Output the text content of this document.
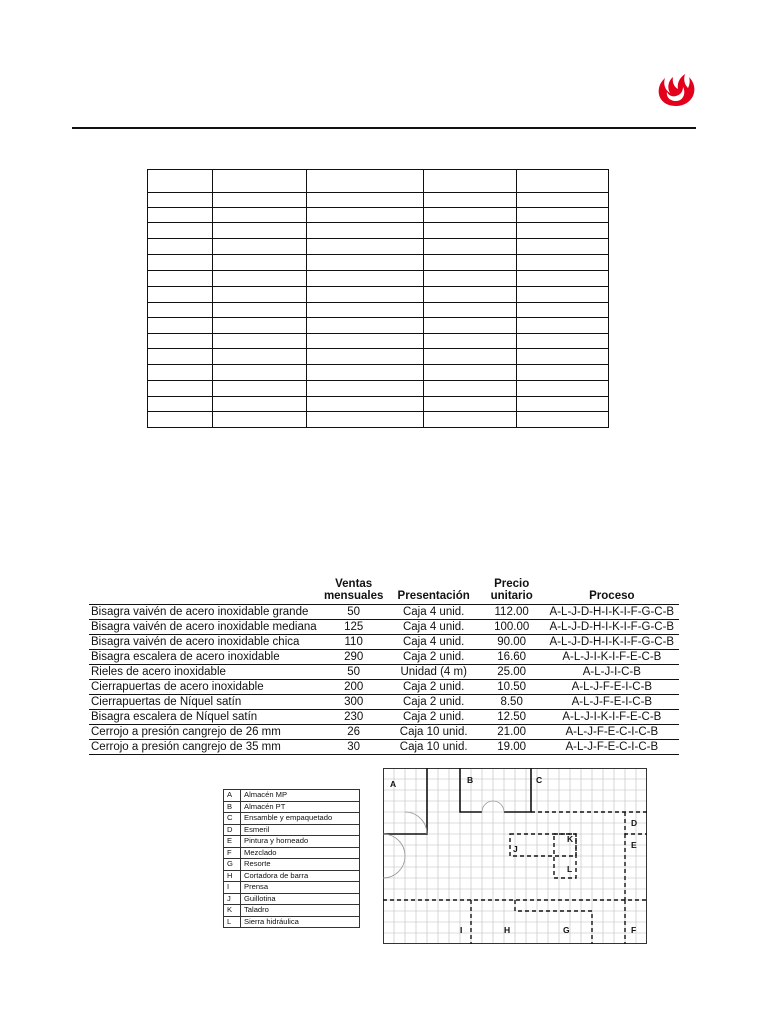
	Ventas
mensuales	Presentación	Precio
unitario	Proceso
Bisagra vaivén de acero inoxidable grande	50	Caja 4 unid.	112.00	A-L-J-D-H-I-K-I-F-G-C-B
Bisagra vaivén de acero inoxidable mediana	125	Caja 4 unid.	100.00	A-L-J-D-H-I-K-I-F-G-C-B
Bisagra vaivén de acero inoxidable chica	110	Caja 4 unid.	90.00	A-L-J-D-H-I-K-I-F-G-C-B
Bisagra escalera de acero inoxidable	290	Caja 2 unid.	16.60	A-L-J-I-K-I-F-E-C-B
Rieles de acero inoxidable	50	Unidad (4 m)	25.00	A-L-J-I-C-B
Cierrapuertas de acero inoxidable	200	Caja 2 unid.	10.50	A-L-J-F-E-I-C-B
Cierrapuertas de Níquel satín	300	Caja 2 unid.	8.50	A-L-J-F-E-I-C-B
Bisagra escalera de Níquel satín	230	Caja 2 unid.	12.50	A-L-J-I-K-I-F-E-C-B
Cerrojo a presión cangrejo de 26 mm	26	Caja 10 unid.	21.00	A-L-J-F-E-C-I-C-B
Cerrojo a presión cangrejo de 35 mm	30	Caja 10 unid.	19.00	A-L-J-F-E-C-I-C-B
A	Almacén MP
B	Almacén PT
C	Ensamble y empaquetado
D	Esmeril
E	Pintura y horneado
F	Mezclado
G	Resorte
H	Cortadora de barra
I	Prensa
J	Guillotina
K	Taladro
L	Sierra hidráulica
A	B	C
D
E
F
G
H
I
J
K
L
